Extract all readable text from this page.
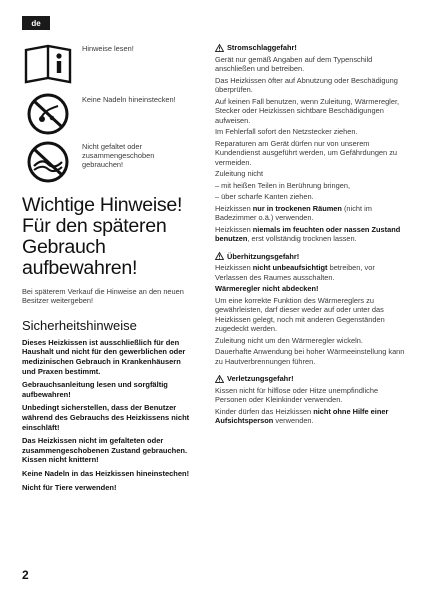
de
Hinweise lesen!
Keine Nadeln hineinstecken!
Nicht gefaltet oder zusammengeschoben gebrauchen!
Wichtige Hinweise! Für den späteren Gebrauch aufbewahren!

Bei späterem Verkauf die Hinweise an den neuen Besitzer weitergeben!

Sicherheitshinweise

Dieses Heizkissen ist ausschließlich für den Haushalt und nicht für den gewerblichen oder medizinischen Gebrauch in Krankenhäusern und Praxen bestimmt.

Gebrauchsanleitung lesen und sorgfältig aufbewahren!

Unbedingt sicherstellen, dass der Benutzer während des Gebrauchs des Heizkissens nicht einschläft!

Das Heizkissen nicht im gefalteten oder zusammengeschobenen Zustand gebrauchen. Kissen nicht knittern!

Keine Nadeln in das Heizkissen hineinstechen!

Nicht für Tiere verwenden!

Stromschlaggefahr!

Gerät nur gemäß Angaben auf dem Typenschild anschließen und betreiben.

Das Heizkissen öfter auf Abnutzung oder Beschädigung überprüfen.

Auf keinen Fall benutzen, wenn Zuleitung, Wärmeregler, Stecker oder Heizkissen sichtbare Beschädigungen aufweisen.

Im Fehlerfall sofort den Netzstecker ziehen.

Reparaturen am Gerät dürfen nur von unserem Kundendienst ausgeführt werden, um Gefährdungen zu vermeiden.

Zuleitung nicht

– mit heißen Teilen in Berührung bringen,

– über scharfe Kanten ziehen.

Heizkissen nur in trockenen Räumen (nicht im Badezimmer o.ä.) verwenden.

Heizkissen niemals im feuchten oder nassen Zustand benutzen, erst vollständig trocknen lassen.

Überhitzungsgefahr!

Heizkissen nicht unbeaufsichtigt betreiben, vor Verlassen des Raumes ausschalten.

Wärmeregler nicht abdecken!

Um eine korrekte Funktion des Wärmereglers zu gewährleisten, darf dieser weder auf oder unter das Heizkissen gelegt, noch mit anderen Gegenständen zugedeckt werden.

Zuleitung nicht um den Wärmeregler wickeln.

Dauerhafte Anwendung bei hoher Wärmeeinstellung kann zu Hautverbrennungen führen.

Verletzungsgefahr!

Kissen nicht für hilflose oder Hitze unempfindliche Personen oder Kleinkinder verwenden.

Kinder dürfen das Heizkissen nicht ohne Hilfe einer Aufsichtsperson verwenden.

2
